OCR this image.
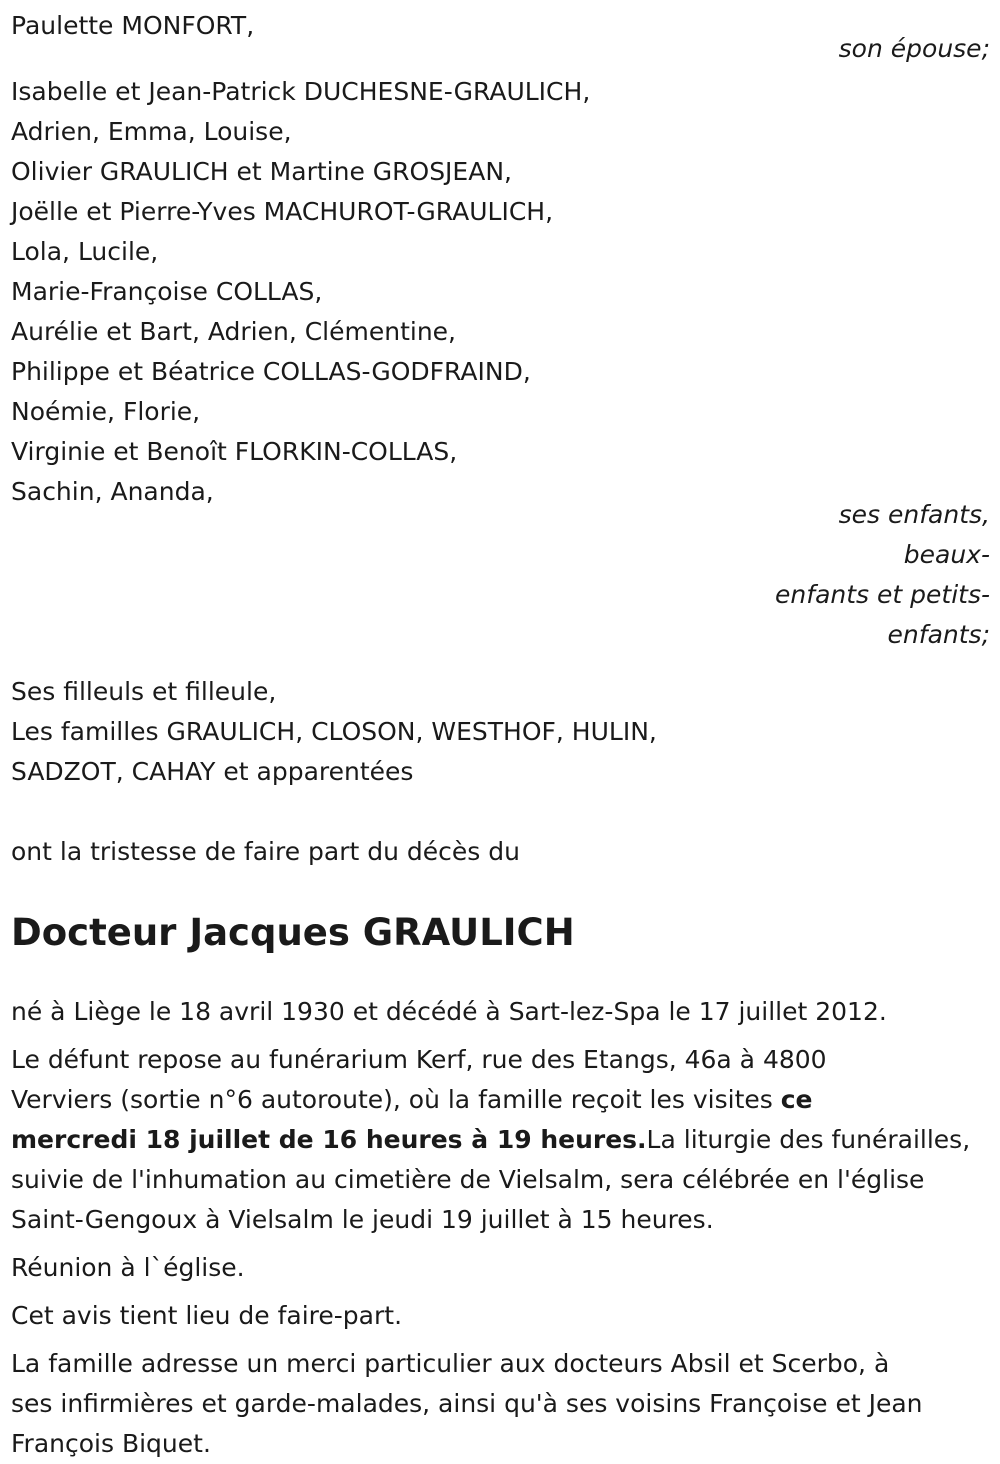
Paulette MONFORT,

son épouse;

Isabelle et Jean-Patrick DUCHESNE-GRAULICH,

Adrien, Emma, Louise,

Olivier GRAULICH et Martine GROSJEAN,

Joëlle et Pierre-Yves MACHUROT-GRAULICH,

Lola, Lucile,

Marie-Françoise COLLAS,

Aurélie et Bart, Adrien, Clémentine,

Philippe et Béatrice COLLAS-GODFRAIND,

Noémie, Florie,

Virginie et Benoît FLORKIN-COLLAS,

Sachin, Ananda,

ses enfants, beaux-

enfants et petits-

enfants;

Ses filleuls et filleule,

Les familles GRAULICH, CLOSON, WESTHOF, HULIN,

SADZOT, CAHAY et apparentées

ont la tristesse de faire part du décès du

Docteur Jacques GRAULICH

né à Liège le 18 avril 1930 et décédé à Sart-lez-Spa le 17 juillet 2012.

Le défunt repose au funérarium Kerf, rue des Etangs, 46a à 4800
Verviers (sortie n°6 autoroute), où la famille reçoit les visites ce
mercredi 18 juillet de 16 heures à 19 heures.La liturgie des funérailles,
suivie de l'inhumation au cimetière de Vielsalm, sera célébrée en l'église
Saint-Gengoux à Vielsalm le jeudi 19 juillet à 15 heures.

Réunion à l`église.

Cet avis tient lieu de faire-part.

La famille adresse un merci particulier aux docteurs Absil et Scerbo, à
ses infirmières et garde-malades, ainsi qu'à ses voisins Françoise et Jean
François Biquet.
